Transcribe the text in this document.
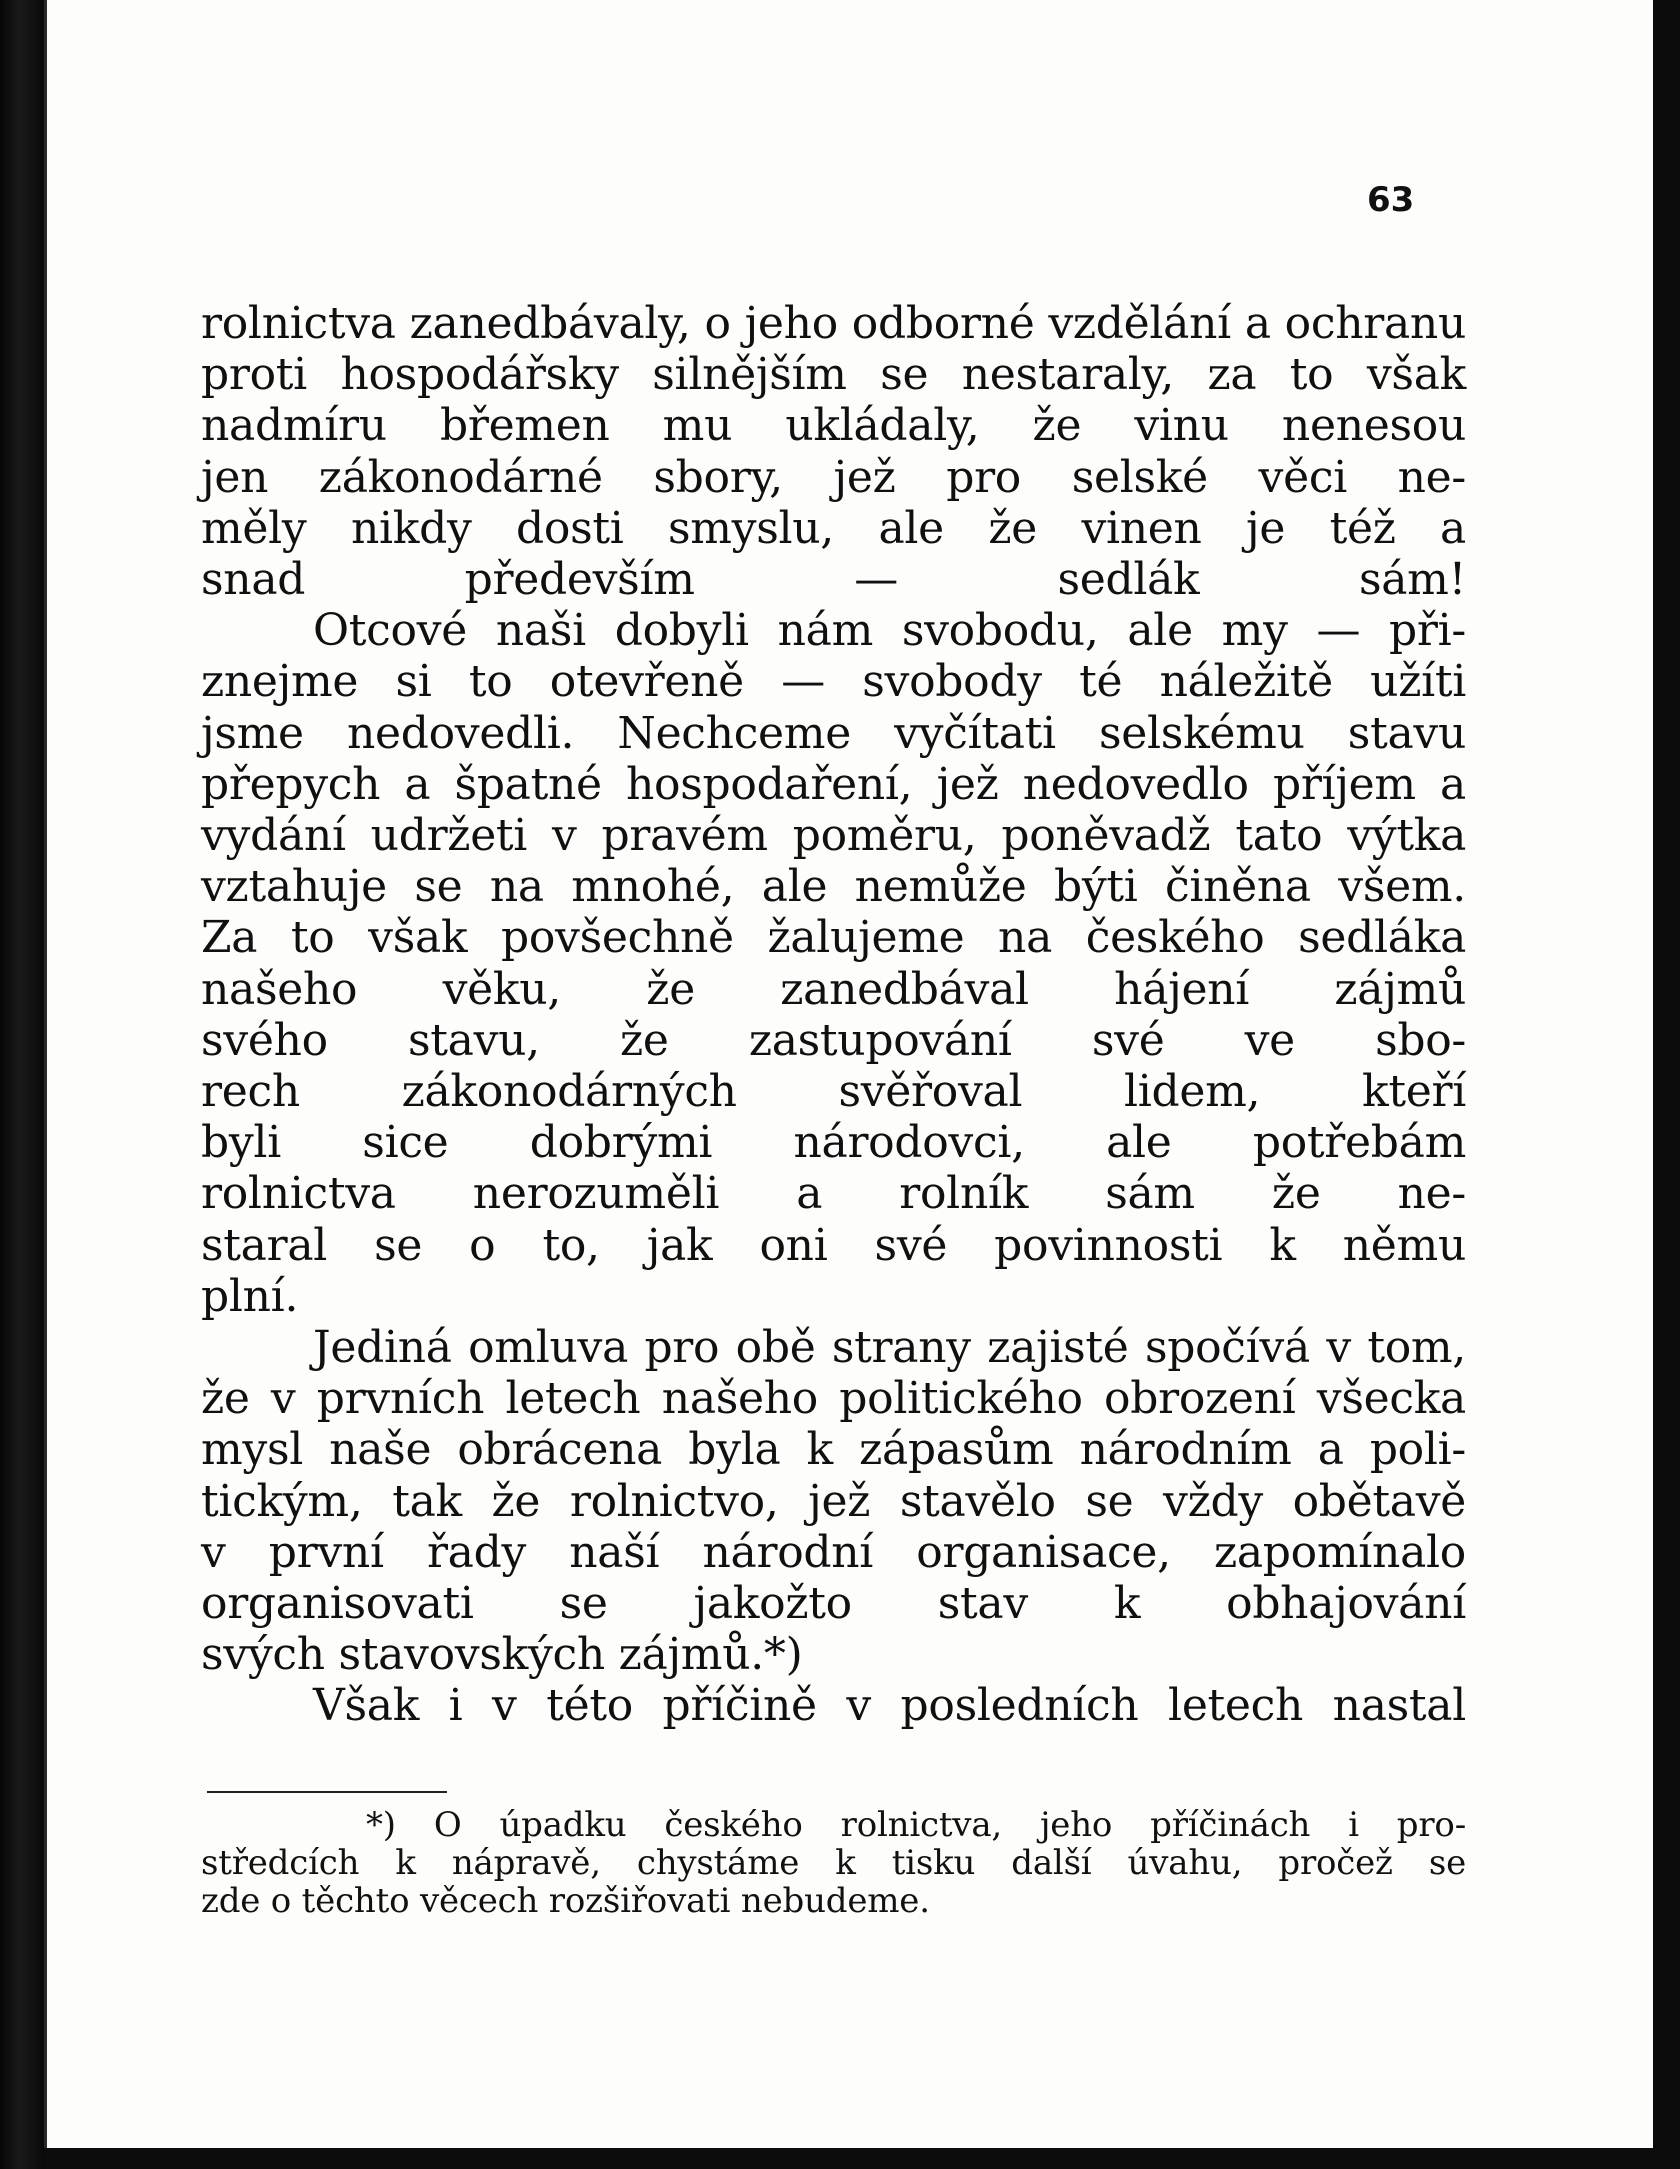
63

rolnictva zanedbávaly, o jeho odborné vzdělání a ochranu
proti hospodářsky silnějším se nestaraly, za to však
nadmíru břemen mu ukládaly, že vinu nenesou
jen zákonodárné sbory, jež pro selské věci ne-
měly nikdy dosti smyslu, ale že vinen je též a
snad především — sedlák sám!
Otcové naši dobyli nám svobodu, ale my — při-
znejme si to otevřeně — svobody té náležitě užíti
jsme nedovedli. Nechceme vyčítati selskému stavu
přepych a špatné hospodaření, jež nedovedlo příjem a
vydání udržeti v pravém poměru, poněvadž tato výtka
vztahuje se na mnohé, ale nemůže býti činěna všem.
Za to však povšechně žalujeme na českého sedláka
našeho věku, že zanedbával hájení zájmů
svého stavu, že zastupování své ve sbo-
rech zákonodárných svěřoval lidem, kteří
byli sice dobrými národovci, ale potřebám
rolnictva nerozuměli a rolník sám že ne-
staral se o to, jak oni své povinnosti k němu
plní.
Jediná omluva pro obě strany zajisté spočívá v tom,
že v prvních letech našeho politického obrození všecka
mysl naše obrácena byla k zápasům národním a poli-
tickým, tak že rolnictvo, jež stavělo se vždy obětavě
v první řady naší národní organisace, zapomínalo
organisovati se jakožto stav k obhajování
svých stavovských zájmů.*)
Však i v této příčině v posledních letech nastal
*) O úpadku českého rolnictva, jeho příčinách i pro-
středcích k nápravě, chystáme k tisku další úvahu, pročež se
zde o těchto věcech rozšiřovati nebudeme.
